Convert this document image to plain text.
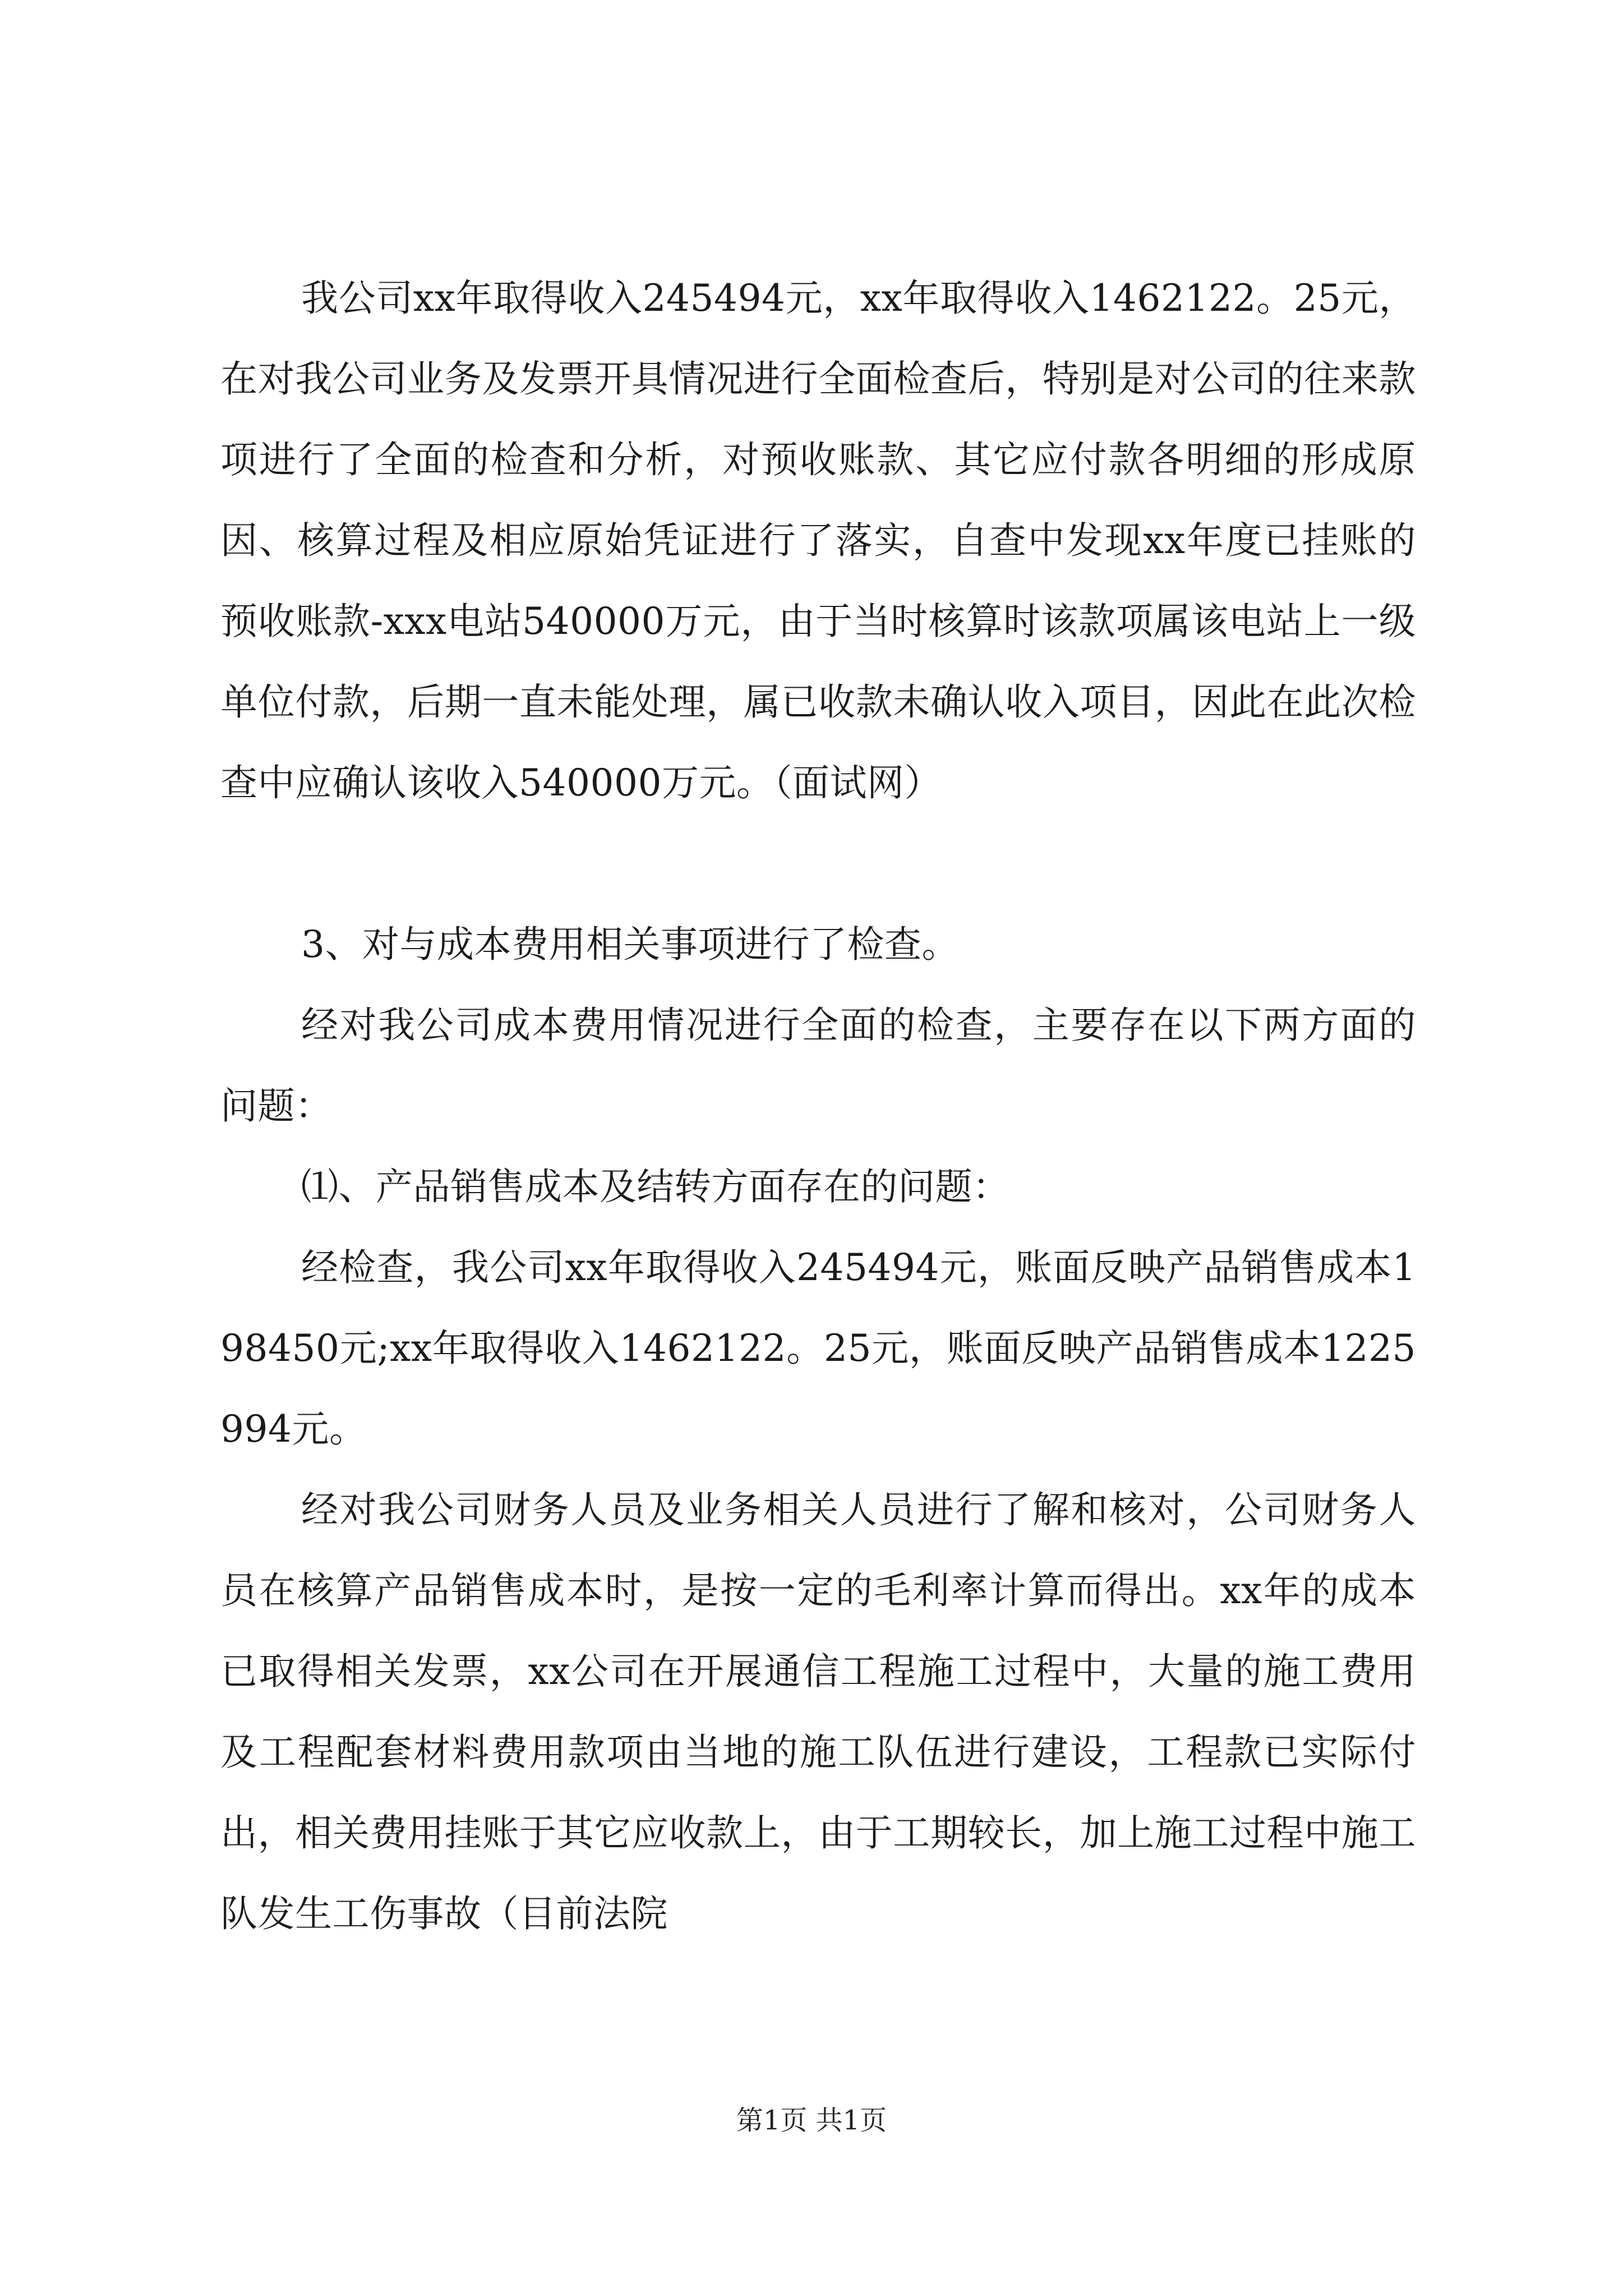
我公司xx年取得收入245494元，xx年取得收入1462122。25元，在对我公司业务及发票开具情况进行全面检查后，特别是对公司的往来款项进行了全面的检查和分析，对预收账款、其它应付款各明细的形成原因、核算过程及相应原始凭证进行了落实，自查中发现xx年度已挂账的预收账款-xxx电站540000万元，由于当时核算时该款项属该电站上一级单位付款，后期一直未能处理，属已收款未确认收入项目，因此在此次检查中应确认该收入540000万元。（面试网）

3、对与成本费用相关事项进行了检查。

经对我公司成本费用情况进行全面的检查，主要存在以下两方面的问题：

⑴、产品销售成本及结转方面存在的问题：

经检查，我公司xx年取得收入245494元，账面反映产品销售成本198450元;xx年取得收入1462122。25元，账面反映产品销售成本1225994元。

经对我公司财务人员及业务相关人员进行了解和核对，公司财务人员在核算产品销售成本时，是按一定的毛利率计算而得出。xx年的成本已取得相关发票，xx公司在开展通信工程施工过程中，大量的施工费用及工程配套材料费用款项由当地的施工队伍进行建设，工程款已实际付出，相关费用挂账于其它应收款上，由于工期较长，加上施工过程中施工队发生工伤事故（目前法院

第1页 共1页
